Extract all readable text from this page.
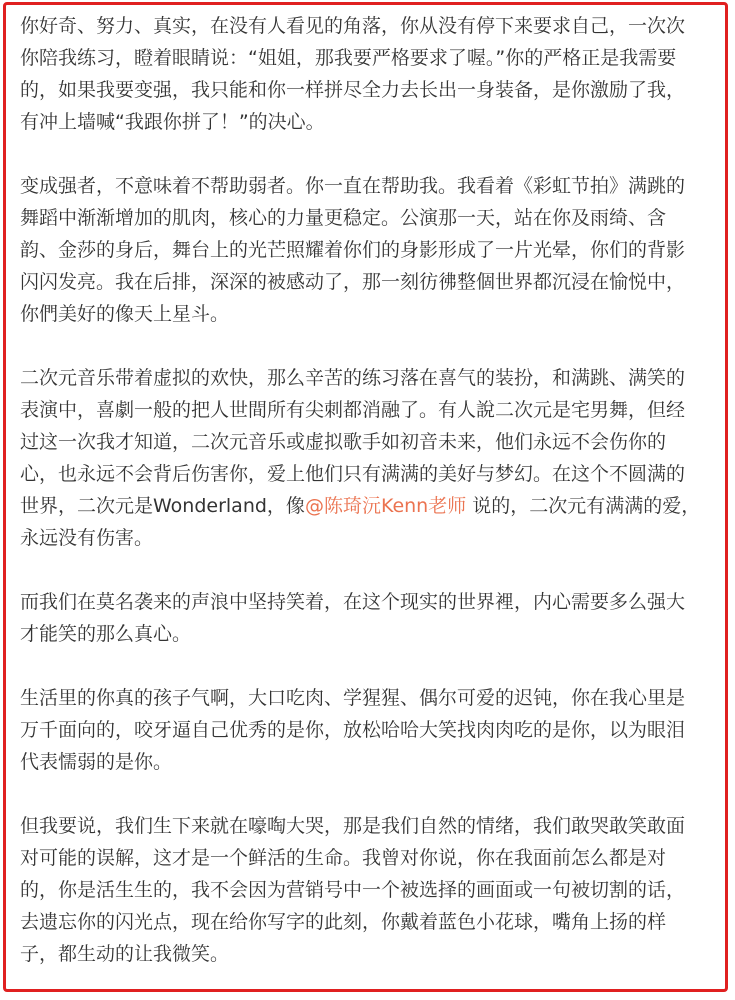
你好奇、努力、真实，在没有人看见的角落，你从没有停下来要求自己，一次次
你陪我练习，瞪着眼睛说：“姐姐，那我要严格要求了喔。”你的严格正是我需要
的，如果我要变强，我只能和你一样拼尽全力去长出一身装备，是你激励了我，
有冲上墙喊“我跟你拼了！”的决心。

变成强者，不意味着不帮助弱者。你一直在帮助我。我看着《彩虹节拍》满跳的
舞蹈中渐渐增加的肌肉，核心的力量更稳定。公演那一天，站在你及雨绮、含
韵、金莎的身后，舞台上的光芒照耀着你们的身影形成了一片光晕，你们的背影
闪闪发亮。我在后排，深深的被感动了，那一刻彷彿整個世界都沉浸在愉悦中，
你們美好的像天上星斗。

二次元音乐带着虚拟的欢快，那么辛苦的练习落在喜气的装扮，和满跳、满笑的
表演中，喜劇一般的把人世間所有尖刺都消融了。有人說二次元是宅男舞，但经
过这一次我才知道，二次元音乐或虚拟歌手如初音未来，他们永远不会伤你的
心，也永远不会背后伤害你，爱上他们只有满满的美好与梦幻。在这个不圆满的
世界，二次元是Wonderland，像@陈琦沅Kenn老师 说的，二次元有满满的爱，
永远没有伤害。

而我们在莫名袭来的声浪中坚持笑着，在这个现实的世界裡，内心需要多么强大
才能笑的那么真心。

生活里的你真的孩子气啊，大口吃肉、学猩猩、偶尔可爱的迟钝，你在我心里是
万千面向的，咬牙逼自己优秀的是你，放松哈哈大笑找肉肉吃的是你，以为眼泪
代表懦弱的是你。

但我要说，我们生下来就在嚎啕大哭，那是我们自然的情绪，我们敢哭敢笑敢面
对可能的误解，这才是一个鲜活的生命。我曾对你说，你在我面前怎么都是对
的，你是活生生的，我不会因为营销号中一个被选择的画面或一句被切割的话，
去遗忘你的闪光点，现在给你写字的此刻，你戴着蓝色小花球，嘴角上扬的样
子，都生动的让我微笑。
